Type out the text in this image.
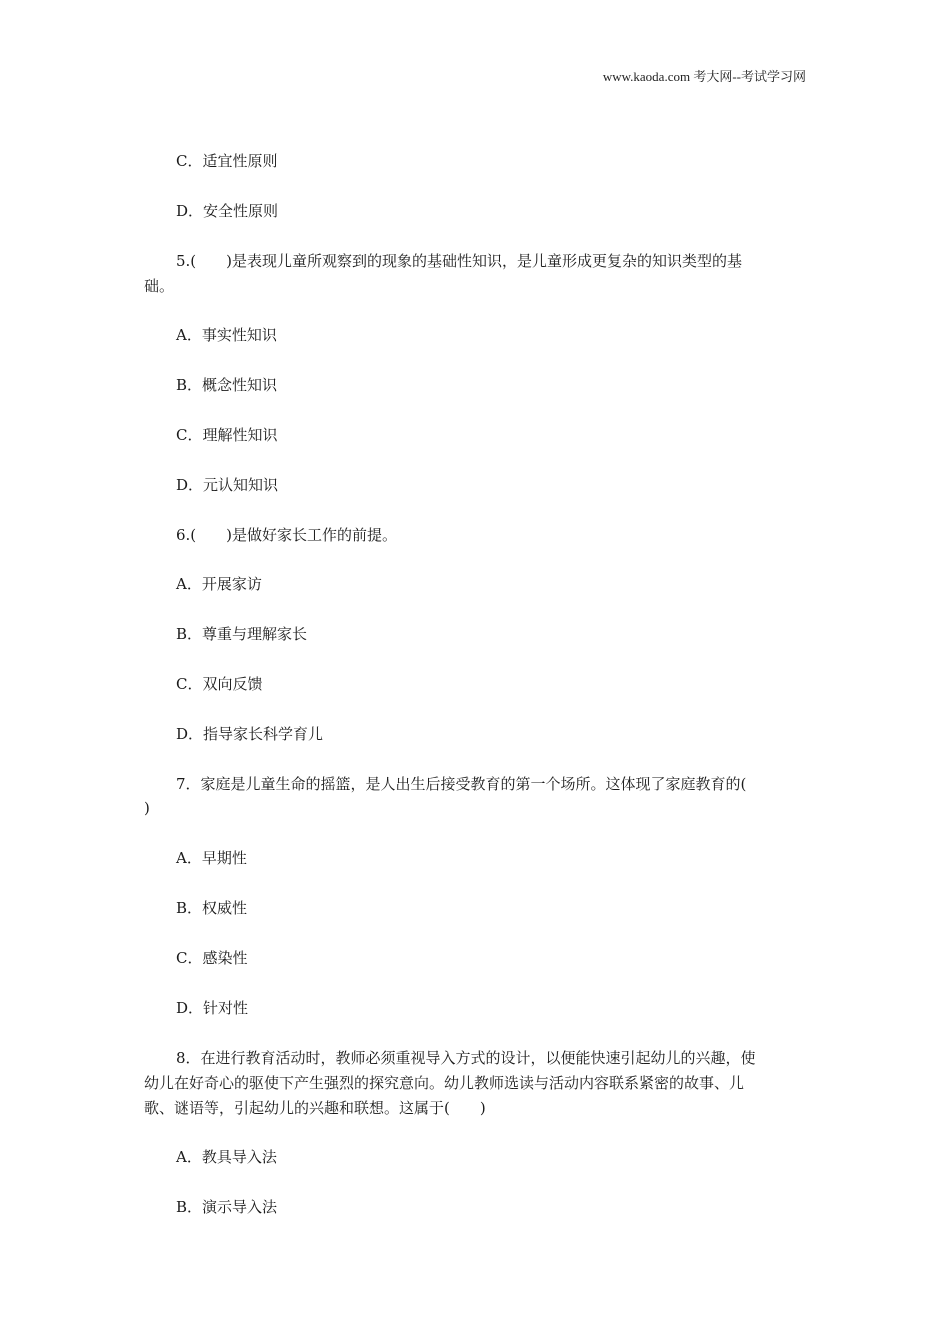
www.kaoda.com 考大网--考试学习网
C．适宜性原则
D．安全性原则
5.(　　)是表现儿童所观察到的现象的基础性知识，是儿童形成更复杂的知识类型的基
础。
A．事实性知识
B．概念性知识
C．理解性知识
D．元认知知识
6.(　　)是做好家长工作的前提。
A．开展家访
B．尊重与理解家长
C．双向反馈
D．指导家长科学育儿
7．家庭是儿童生命的摇篮，是人出生后接受教育的第一个场所。这体现了家庭教育的(
)
A．早期性
B．权威性
C．感染性
D．针对性
8．在进行教育活动时，教师必须重视导入方式的设计，以便能快速引起幼儿的兴趣，使
幼儿在好奇心的驱使下产生强烈的探究意向。幼儿教师选读与活动内容联系紧密的故事、儿
歌、谜语等，引起幼儿的兴趣和联想。这属于(　　)
A．教具导入法
B．演示导入法
